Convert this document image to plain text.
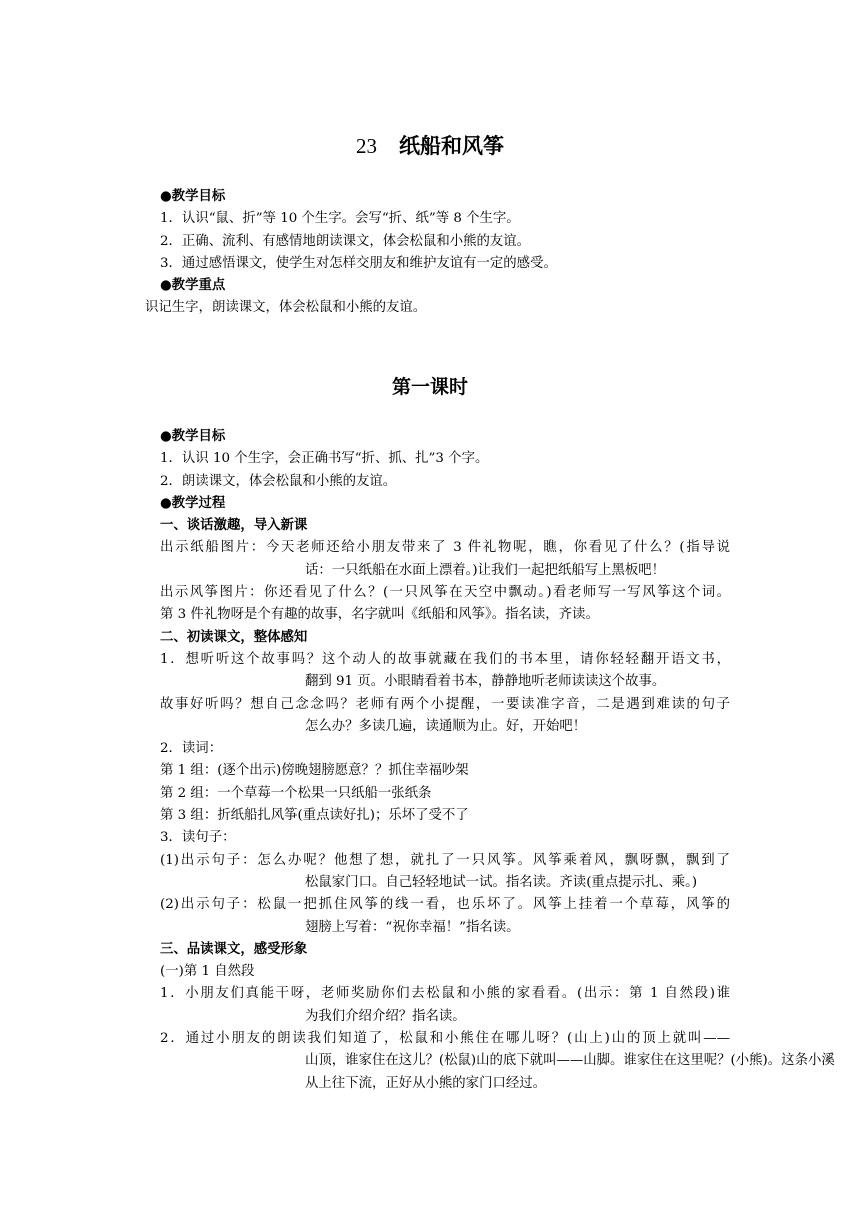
23 纸船和风筝
●教学目标
1．认识“鼠、折”等 10 个生字。会写“折、纸”等 8 个生字。
2．正确、流利、有感情地朗读课文，体会松鼠和小熊的友谊。
3．通过感悟课文，使学生对怎样交朋友和维护友谊有一定的感受。
●教学重点
识记生字，朗读课文，体会松鼠和小熊的友谊。
第一课时
●教学目标
1．认识 10 个生字，会正确书写“折、抓、扎”3 个字。
2．朗读课文，体会松鼠和小熊的友谊。
●教学过程
一、谈话激趣，导入新课
出示纸船图片：今天老师还给小朋友带来了 3 件礼物呢，瞧，你看见了什么？(指导说
话：一只纸船在水面上漂着。)让我们一起把纸船写上黑板吧！
出示风筝图片：你还看见了什么？(一只风筝在天空中飘动。)看老师写一写风筝这个词。
第 3 件礼物呀是个有趣的故事，名字就叫《纸船和风筝》。指名读，齐读。
二、初读课文，整体感知
1．想听听这个故事吗？这个动人的故事就藏在我们的书本里，请你轻轻翻开语文书，
翻到 91 页。小眼睛看着书本，静静地听老师读读这个故事。
故事好听吗？想自己念念吗？老师有两个小提醒，一要读准字音，二是遇到难读的句子
怎么办？多读几遍，读通顺为止。好，开始吧！
2．读词：
第 1 组：(逐个出示)傍晚翅膀愿意？？抓住幸福吵架
第 2 组：一个草莓一个松果一只纸船一张纸条
第 3 组：折纸船扎风筝(重点读好扎)；乐坏了受不了
3．读句子：
(1)出示句子：怎么办呢？他想了想，就扎了一只风筝。风筝乘着风，飘呀飘，飘到了
松鼠家门口。自己轻轻地试一试。指名读。齐读(重点提示扎、乘。)
(2)出示句子：松鼠一把抓住风筝的线一看，也乐坏了。风筝上挂着一个草莓，风筝的
翅膀上写着：“祝你幸福！”指名读。
三、品读课文，感受形象
(一)第 1 自然段
1．小朋友们真能干呀，老师奖励你们去松鼠和小熊的家看看。(出示：第 1 自然段)谁
为我们介绍介绍？指名读。
2．通过小朋友的朗读我们知道了，松鼠和小熊住在哪儿呀？(山上)山的顶上就叫——
山顶，谁家住在这儿？(松鼠)山的底下就叫——山脚。谁家住在这里呢？(小熊)。这条小溪
从上往下流，正好从小熊的家门口经过。
